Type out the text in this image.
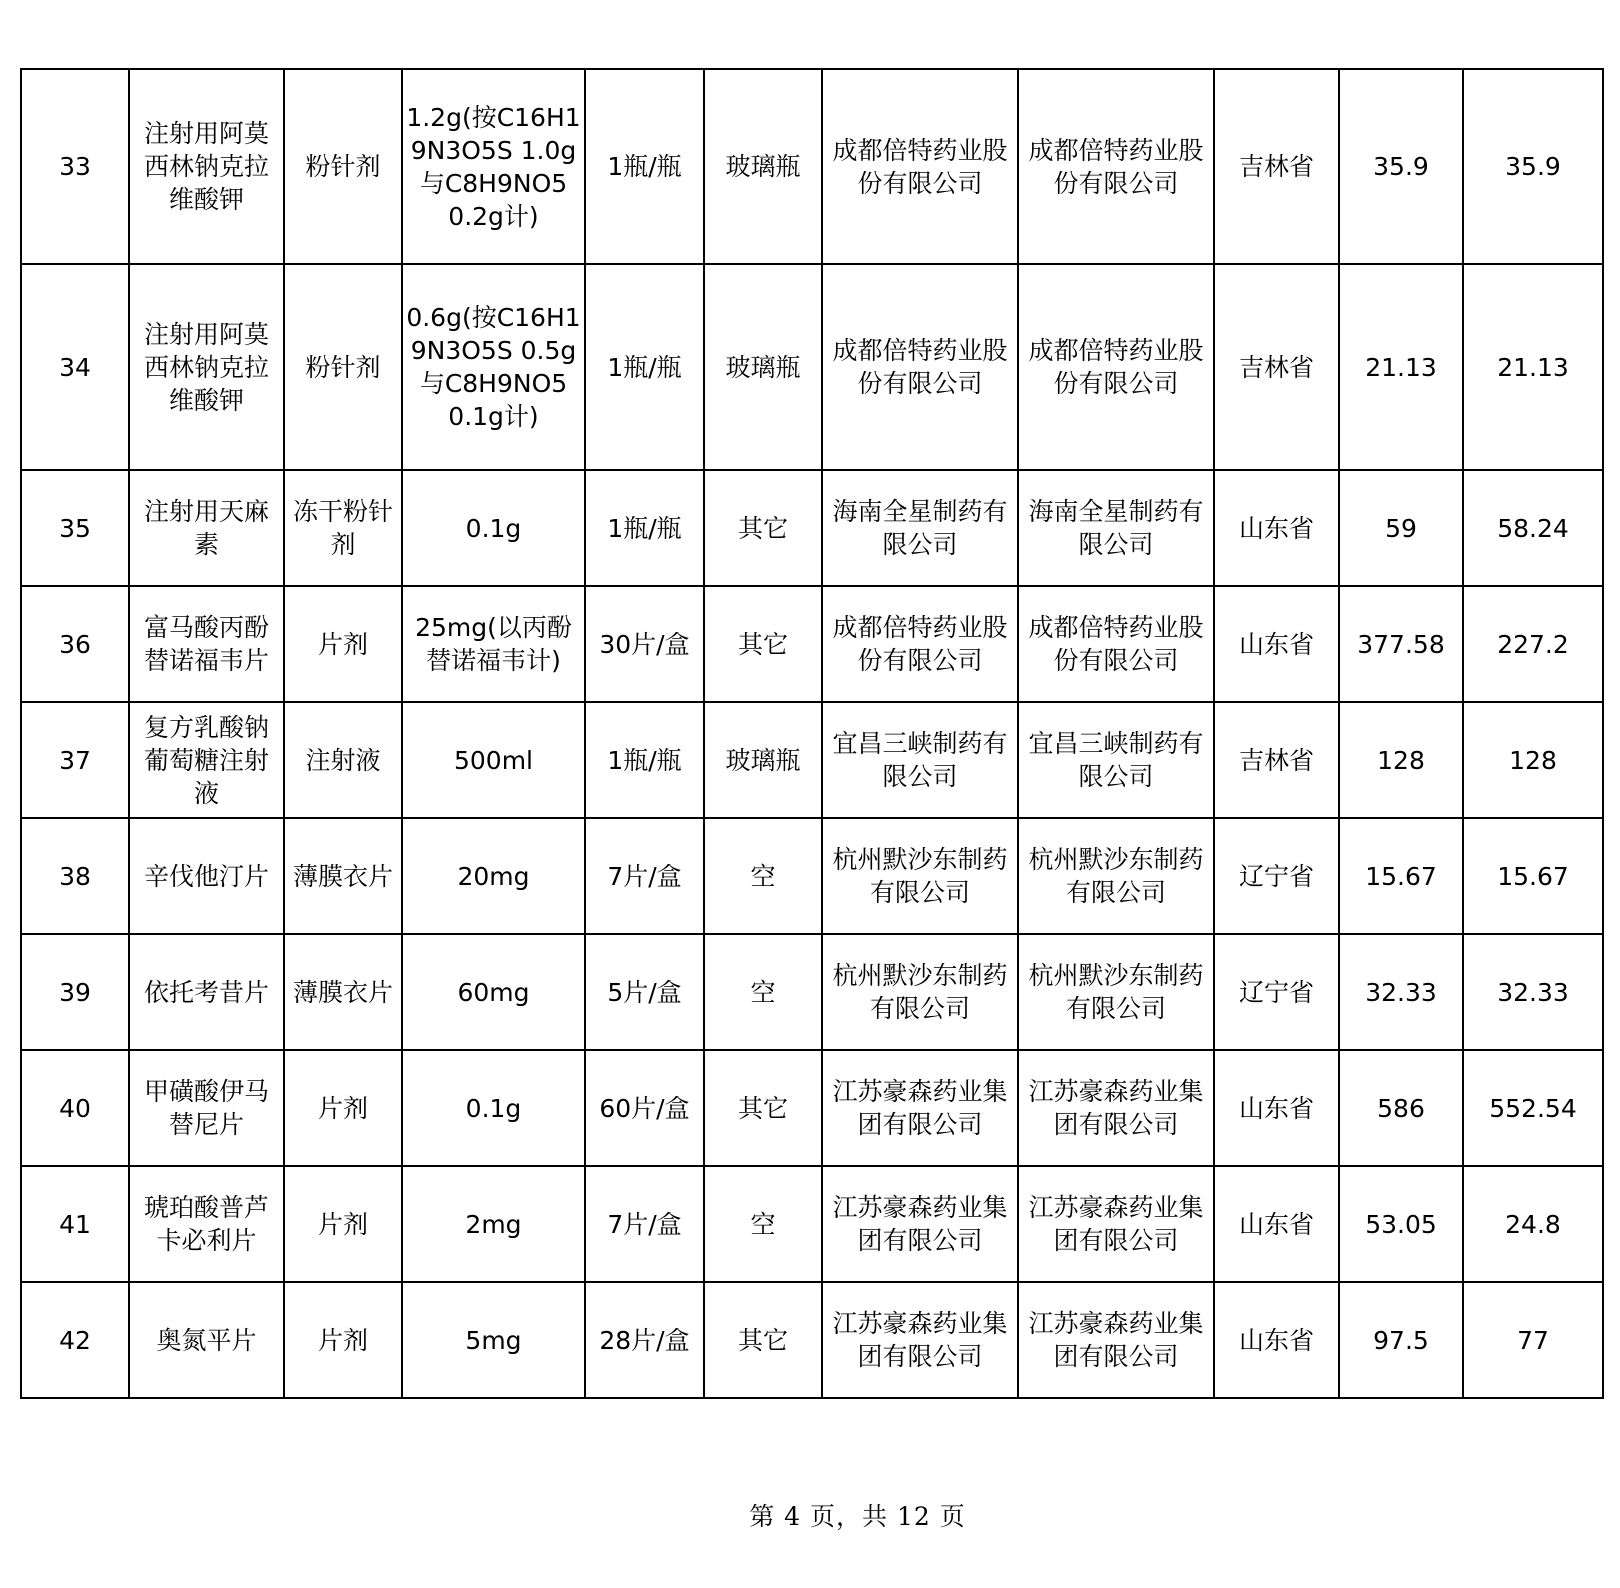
33	注射用阿莫西林钠克拉维酸钾	粉针剂	1.2g(按C16H19N3O5S 1.0g与C8H9NO5 0.2g计)	1瓶/瓶	玻璃瓶	成都倍特药业股份有限公司	成都倍特药业股份有限公司	吉林省	35.9	35.9
34	注射用阿莫西林钠克拉维酸钾	粉针剂	0.6g(按C16H19N3O5S 0.5g与C8H9NO5 0.1g计)	1瓶/瓶	玻璃瓶	成都倍特药业股份有限公司	成都倍特药业股份有限公司	吉林省	21.13	21.13
35	注射用天麻素	冻干粉针剂	0.1g	1瓶/瓶	其它	海南全星制药有限公司	海南全星制药有限公司	山东省	59	58.24
36	富马酸丙酚替诺福韦片	片剂	25mg(以丙酚替诺福韦计)	30片/盒	其它	成都倍特药业股份有限公司	成都倍特药业股份有限公司	山东省	377.58	227.2
37	复方乳酸钠葡萄糖注射液	注射液	500ml	1瓶/瓶	玻璃瓶	宜昌三峡制药有限公司	宜昌三峡制药有限公司	吉林省	128	128
38	辛伐他汀片	薄膜衣片	20mg	7片/盒	空	杭州默沙东制药有限公司	杭州默沙东制药有限公司	辽宁省	15.67	15.67
39	依托考昔片	薄膜衣片	60mg	5片/盒	空	杭州默沙东制药有限公司	杭州默沙东制药有限公司	辽宁省	32.33	32.33
40	甲磺酸伊马替尼片	片剂	0.1g	60片/盒	其它	江苏豪森药业集团有限公司	江苏豪森药业集团有限公司	山东省	586	552.54
41	琥珀酸普芦卡必利片	片剂	2mg	7片/盒	空	江苏豪森药业集团有限公司	江苏豪森药业集团有限公司	山东省	53.05	24.8
42	奥氮平片	片剂	5mg	28片/盒	其它	江苏豪森药业集团有限公司	江苏豪森药业集团有限公司	山东省	97.5	77
第 4 页，共 12 页
